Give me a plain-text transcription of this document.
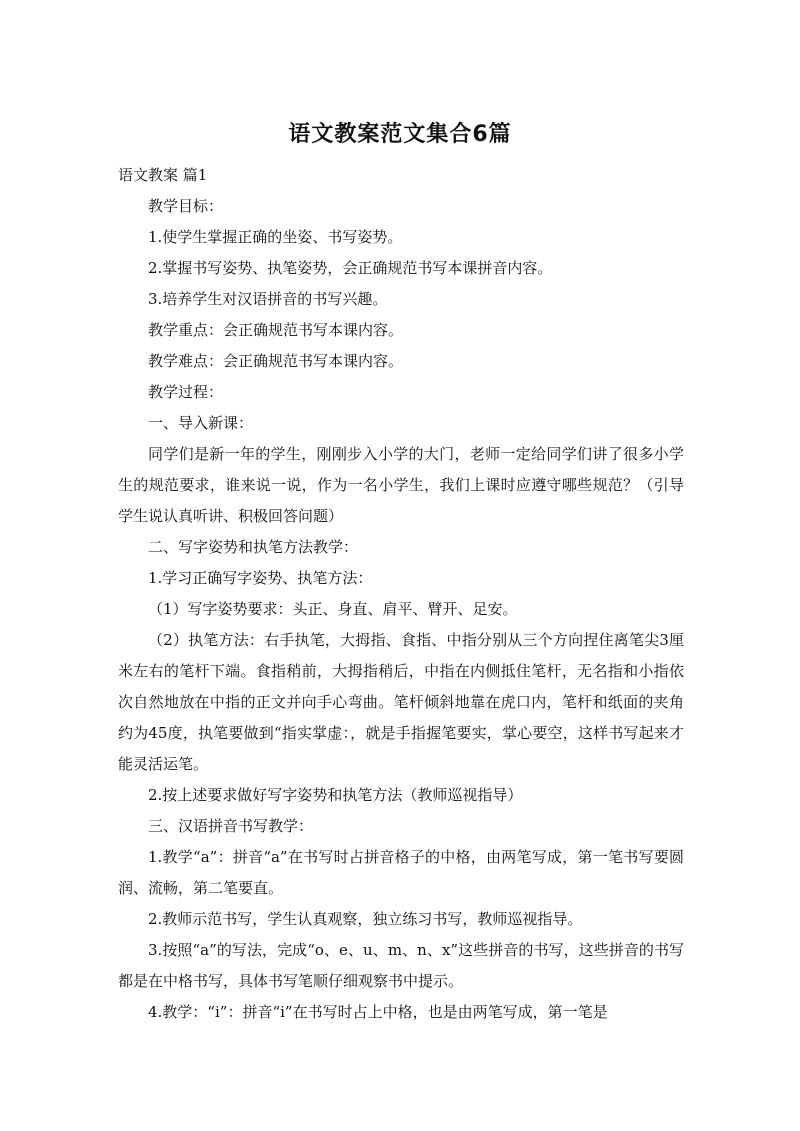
语文教案范文集合6篇

语文教案 篇1

教学目标：

1.使学生掌握正确的坐姿、书写姿势。

2.掌握书写姿势、执笔姿势，会正确规范书写本课拼音内容。

3.培养学生对汉语拼音的书写兴趣。

教学重点：会正确规范书写本课内容。

教学难点：会正确规范书写本课内容。

教学过程：

一、导入新课：

同学们是新一年的学生，刚刚步入小学的大门，老师一定给同学们讲了很多小学生的规范要求，谁来说一说，作为一名小学生，我们上课时应遵守哪些规范？（引导学生说认真听讲、积极回答问题）

二、写字姿势和执笔方法教学：

1.学习正确写字姿势、执笔方法：

（1）写字姿势要求：头正、身直、肩平、臂开、足安。

（2）执笔方法：右手执笔，大拇指、食指、中指分别从三个方向捏住离笔尖3厘米左右的笔杆下端。食指稍前，大拇指稍后，中指在内侧抵住笔杆，无名指和小指依次自然地放在中指的正文并向手心弯曲。笔杆倾斜地靠在虎口内，笔杆和纸面的夹角约为45度，执笔要做到“指实掌虚：，就是手指握笔要实，掌心要空，这样书写起来才能灵活运笔。

2.按上述要求做好写字姿势和执笔方法（教师巡视指导）

三、汉语拼音书写教学：

1.教学“a”：拼音“a”在书写时占拼音格子的中格，由两笔写成，第一笔书写要圆润、流畅，第二笔要直。

2.教师示范书写，学生认真观察，独立练习书写，教师巡视指导。

3.按照“a”的写法，完成“o、e、u、m、n、x”这些拼音的书写，这些拼音的书写都是在中格书写，具体书写笔顺仔细观察书中提示。

4.教学：“i”：拼音“i”在书写时占上中格，也是由两笔写成，第一笔是
